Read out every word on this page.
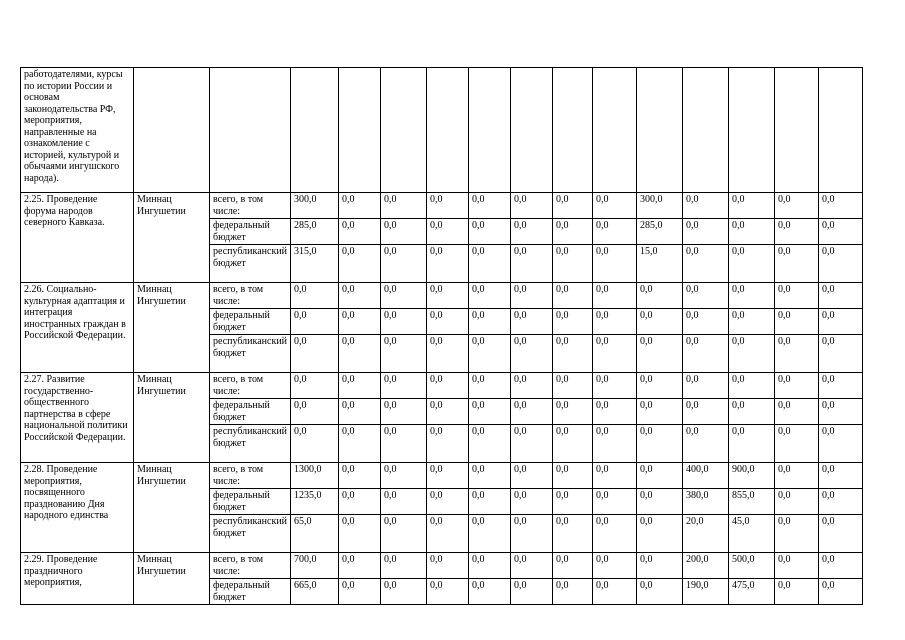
работодателями, курсы по истории России и основам законодательства РФ, мероприятия, направленные на ознакомление с историей, культурой и обычаями ингушского народа).															
2.25. Проведение форума народов северного Кавказа.	Миннац Ингушетии	всего, в том числе:	300,0	0,0	0,0	0,0	0,0	0,0	0,0	0,0	300,0	0,0	0,0	0,0	0,0
		федеральный бюджет	285,0	0,0	0,0	0,0	0,0	0,0	0,0	0,0	285,0	0,0	0,0	0,0	0,0
		республиканский бюджет	315,0	0,0	0,0	0,0	0,0	0,0	0,0	0,0	15,0	0,0	0,0	0,0	0,0
2.26. Социально-культурная адаптация и интеграция иностранных граждан в Российской Федерации.	Миннац Ингушетии	всего, в том числе:	0,0	0,0	0,0	0,0	0,0	0,0	0,0	0,0	0,0	0,0	0,0	0,0	0,0
		федеральный бюджет	0,0	0,0	0,0	0,0	0,0	0,0	0,0	0,0	0,0	0,0	0,0	0,0	0,0
		республиканский бюджет	0,0	0,0	0,0	0,0	0,0	0,0	0,0	0,0	0,0	0,0	0,0	0,0	0,0
2.27. Развитие государственно-общественного партнерства в сфере национальной политики Российской Федерации.	Миннац Ингушетии	всего, в том числе:	0,0	0,0	0,0	0,0	0,0	0,0	0,0	0,0	0,0	0,0	0,0	0,0	0,0
		федеральный бюджет	0,0	0,0	0,0	0,0	0,0	0,0	0,0	0,0	0,0	0,0	0,0	0,0	0,0
		республиканский бюджет	0,0	0,0	0,0	0,0	0,0	0,0	0,0	0,0	0,0	0,0	0,0	0,0	0,0
2.28. Проведение мероприятия, посвященного празднованию Дня народного единства	Миннац Ингушетии	всего, в том числе:	1300,0	0,0	0,0	0,0	0,0	0,0	0,0	0,0	0,0	400,0	900,0	0,0	0,0
		федеральный бюджет	1235,0	0,0	0,0	0,0	0,0	0,0	0,0	0,0	0,0	380,0	855,0	0,0	0,0
		республиканский бюджет	65,0	0,0	0,0	0,0	0,0	0,0	0,0	0,0	0,0	20,0	45,0	0,0	0,0
2.29. Проведение праздничного мероприятия,	Миннац Ингушетии	всего, в том числе:	700,0	0,0	0,0	0,0	0,0	0,0	0,0	0,0	0,0	200,0	500,0	0,0	0,0
		федеральный бюджет	665,0	0,0	0,0	0,0	0,0	0,0	0,0	0,0	0,0	190,0	475,0	0,0	0,0
